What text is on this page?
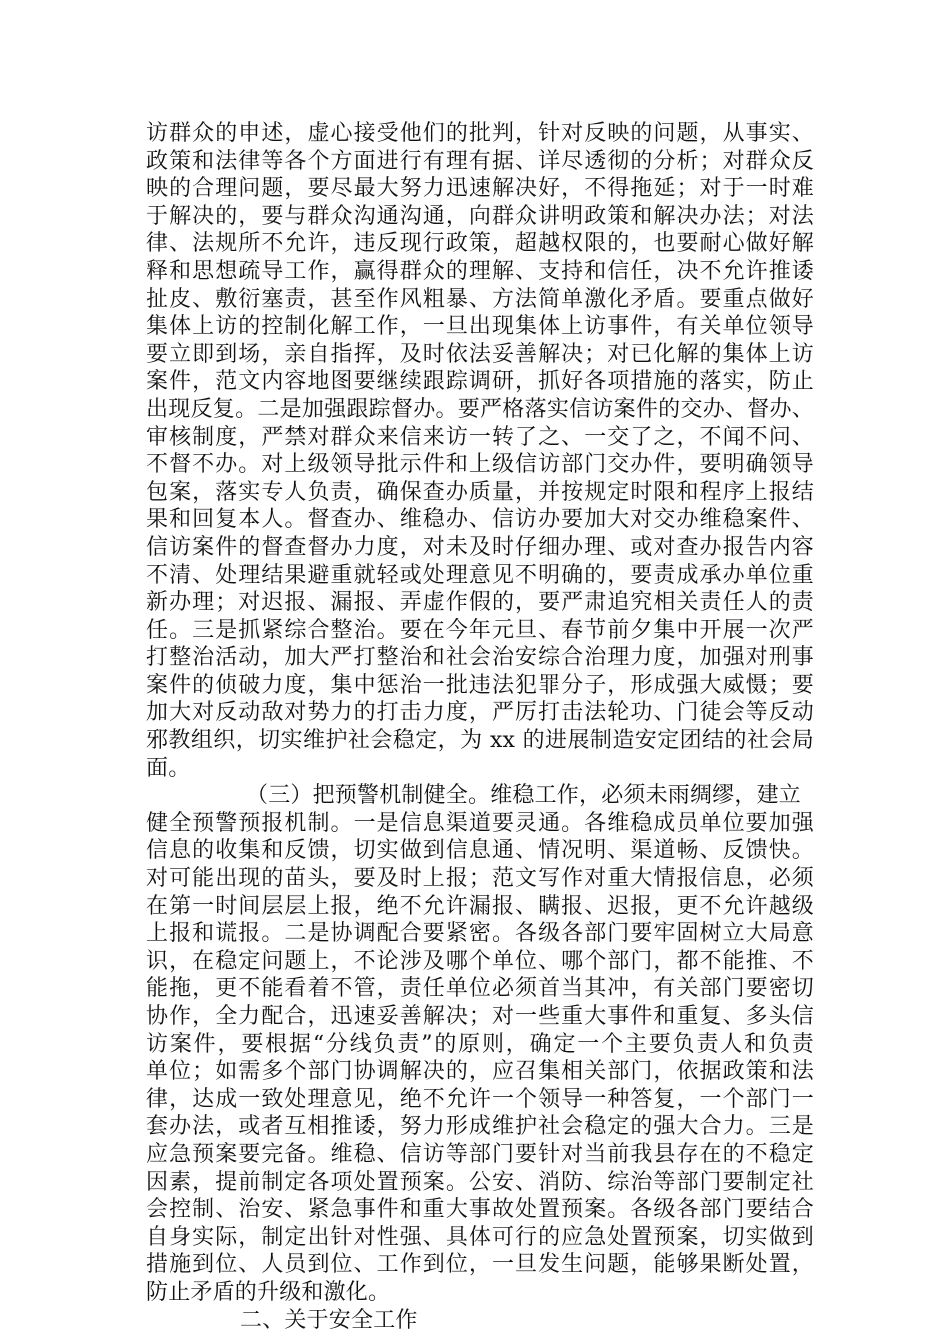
访群众的申述，虚心接受他们的批判，针对反映的问题，从事实、
政策和法律等各个方面进行有理有据、详尽透彻的分析；对群众反
映的合理问题，要尽最大努力迅速解决好，不得拖延；对于一时难
于解决的，要与群众沟通沟通，向群众讲明政策和解决办法；对法
律、法规所不允许，违反现行政策，超越权限的，也要耐心做好解
释和思想疏导工作，赢得群众的理解、支持和信任，决不允许推诿
扯皮、敷衍塞责，甚至作风粗暴、方法简单激化矛盾。要重点做好
集体上访的控制化解工作，一旦出现集体上访事件，有关单位领导
要立即到场，亲自指挥，及时依法妥善解决；对已化解的集体上访
案件，范文内容地图要继续跟踪调研，抓好各项措施的落实，防止
出现反复。二是加强跟踪督办。要严格落实信访案件的交办、督办、
审核制度，严禁对群众来信来访一转了之、一交了之，不闻不问、
不督不办。对上级领导批示件和上级信访部门交办件，要明确领导
包案，落实专人负责，确保查办质量，并按规定时限和程序上报结
果和回复本人。督查办、维稳办、信访办要加大对交办维稳案件、
信访案件的督查督办力度，对未及时仔细办理、或对查办报告内容
不清、处理结果避重就轻或处理意见不明确的，要责成承办单位重
新办理；对迟报、漏报、弄虚作假的，要严肃追究相关责任人的责
任。三是抓紧综合整治。要在今年元旦、春节前夕集中开展一次严
打整治活动，加大严打整治和社会治安综合治理力度，加强对刑事
案件的侦破力度，集中惩治一批违法犯罪分子，形成强大威慑；要
加大对反动敌对势力的打击力度，严厉打击法轮功、门徒会等反动
邪教组织，切实维护社会稳定，为 xx 的进展制造安定团结的社会局
面。
（三）把预警机制健全。维稳工作，必须未雨绸缪，建立
健全预警预报机制。一是信息渠道要灵通。各维稳成员单位要加强
信息的收集和反馈，切实做到信息通、情况明、渠道畅、反馈快。
对可能出现的苗头，要及时上报；范文写作对重大情报信息，必须
在第一时间层层上报，绝不允许漏报、瞒报、迟报，更不允许越级
上报和谎报。二是协调配合要紧密。各级各部门要牢固树立大局意
识，在稳定问题上，不论涉及哪个单位、哪个部门，都不能推、不
能拖，更不能看着不管，责任单位必须首当其冲，有关部门要密切
协作，全力配合，迅速妥善解决；对一些重大事件和重复、多头信
访案件，要根据“分线负责”的原则，确定一个主要负责人和负责
单位；如需多个部门协调解决的，应召集相关部门，依据政策和法
律，达成一致处理意见，绝不允许一个领导一种答复，一个部门一
套办法，或者互相推诿，努力形成维护社会稳定的强大合力。三是
应急预案要完备。维稳、信访等部门要针对当前我县存在的不稳定
因素，提前制定各项处置预案。公安、消防、综治等部门要制定社
会控制、治安、紧急事件和重大事故处置预案。各级各部门要结合
自身实际，制定出针对性强、具体可行的应急处置预案，切实做到
措施到位、人员到位、工作到位，一旦发生问题，能够果断处置，
防止矛盾的升级和激化。
二、关于安全工作
